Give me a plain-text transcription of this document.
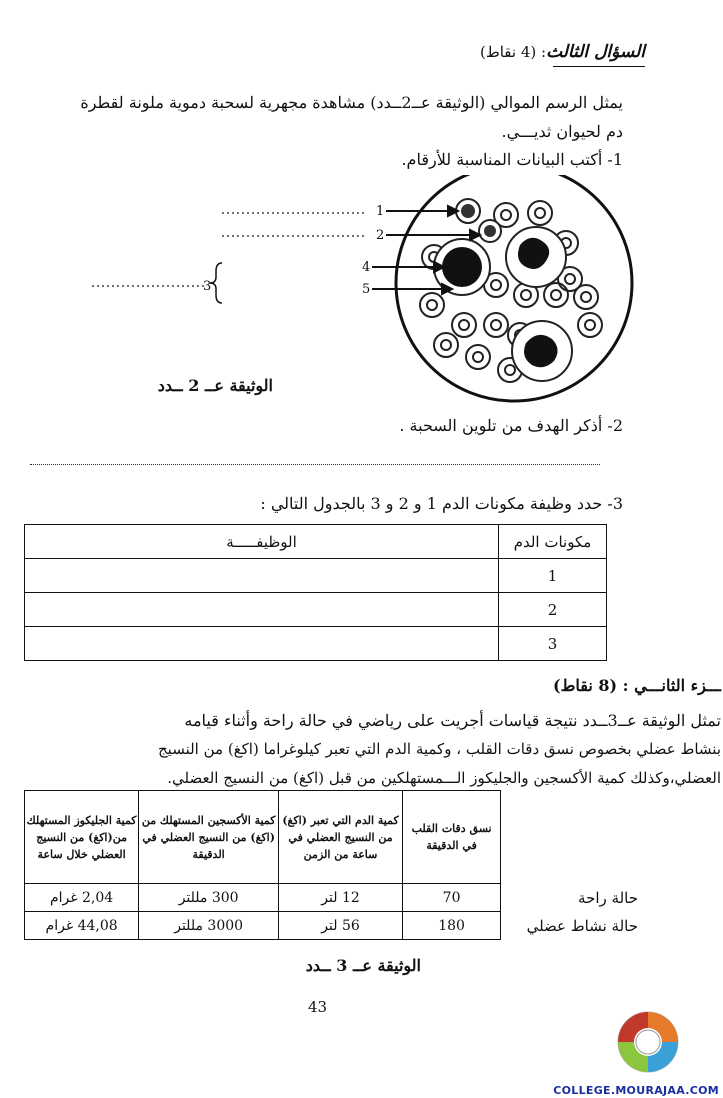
السؤال الثالث: (4 نقاط)
يمثل الرسم الموالي (الوثيقة عــ2ــدد) مشاهدة مجهرية لسحبة دموية ملونة لقطرة
دم لحيوان ثديـــي.
1- أكتب البيانات المناسبة للأرقام.
1
2
3
4
5
الوثيقة عــ 2 ــدد
2- أذكر الهدف من تلوين السحبة .
3- حدد وظيفة مكونات الدم 1 و 2 و 3 بالجدول التالي :
مكونات الدم	الوظيفـــــة
1	
2	
3	
ـــزء الثانـــي : (8 نقاط)
تمثل الوثيقة عــ3ــدد نتيجة قياسات أجريت على رياضي في حالة راحة وأثناء قيامه
بنشاط عضلي بخصوص نسق دقات القلب ، وكمية الدم التي تعبر كيلوغراما (اكغ) من النسيج
العضلي،وكذلك كمية الأكسجين والجليكوز الـــمستهلكين من قبل (اكغ) من النسيج العضلي.
	نسق دقات القلب في الدقيقة	كمية الدم التي تعبر (اكغ) من النسيج العضلي في ساعة من الزمن	كمية الأكسجين المستهلك من (اكغ) من النسيج العضلي في الدقيقة	كمية الجليكوز المستهلك من(اكغ) من النسيج العضلي خلال ساعة
حالة راحة	70	12 لتر	300 مللتر	2,04 غرام
حالة نشاط عضلي	180	56 لتر	3000 مللتر	44,08 غرام
الوثيقة عــ 3 ــدد
43
COLLEGE.MOURAJAA.COM
